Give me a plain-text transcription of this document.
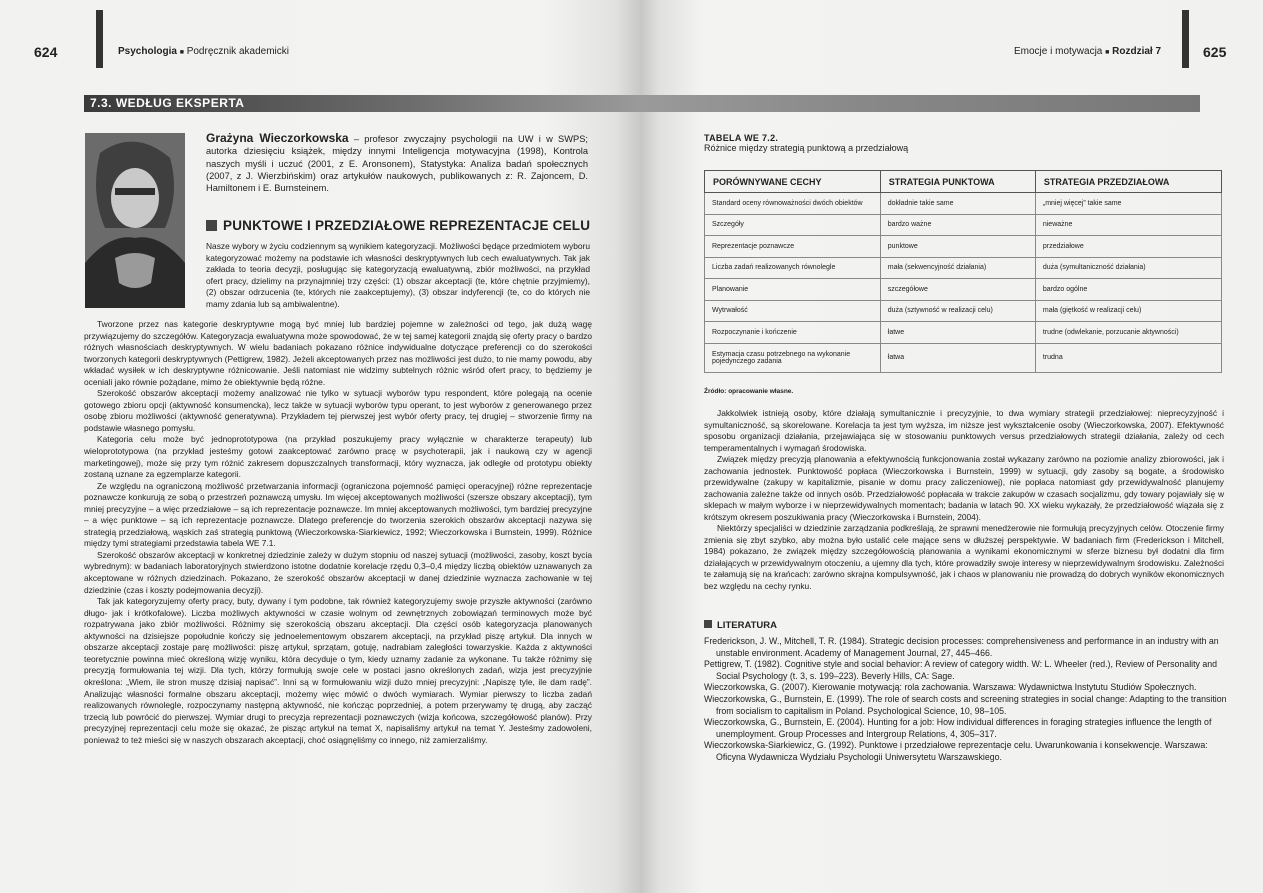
624	Psychologia ■ Podręcznik akademicki
7.3. WEDŁUG EKSPERTA
Grażyna Wieczorkowska – profesor zwyczajny psychologii na UW i w SWPS; autorka dziesięciu książek, między innymi Inteligencja motywacyjna (1998), Kontrola naszych myśli i uczuć (2001, z E. Aronsonem), Statystyka: Analiza badań społecznych (2007, z J. Wierzbińskim) oraz artykułów naukowych, publikowanych z: R. Zajoncem, D. Hamiltonem i E. Burnsteinem.
PUNKTOWE I PRZEDZIAŁOWE REPREZENTACJE CELU
Nasze wybory w życiu codziennym są wynikiem kategoryzacji. Możliwości będące przedmiotem wyboru kategoryzować możemy na podstawie ich własności deskryptywnych lub cech ewaluatywnych. Tak jak zakłada to teoria decyzji, posługując się kategoryzacją ewaluatywną, zbiór możliwości, na przykład ofert pracy, dzielimy na przynajmniej trzy części: (1) obszar akceptacji (te, które chętnie przyjmiemy), (2) obszar odrzucenia (te, których nie zaakceptujemy), (3) obszar indyferencji (te, co do których nie mamy zdania lub są ambiwalentne).

Tworzone przez nas kategorie deskryptywne mogą być mniej lub bardziej pojemne w zależności od tego, jak dużą wagę przywiązujemy do szczegółów. Kategoryzacja ewaluatywna może spowodować, że w tej samej kategorii znajdą się oferty pracy o bardzo różnych własnościach deskryptywnych. W wielu badaniach pokazano różnice indywidualne dotyczące preferencji co do szerokości tworzonych kategorii deskryptywnych (Pettigrew, 1982). Jeżeli akceptowanych przez nas możliwości jest dużo, to nie mamy powodu, aby wkładać wysiłek w ich deskryptywne różnicowanie. Jeśli natomiast nie widzimy subtelnych różnic wśród ofert pracy, to będziemy je oceniali jako równie pożądane, mimo że obiektywnie będą różne.

Szerokość obszarów akceptacji możemy analizować nie tylko w sytuacji wyborów typu respondent, które polegają na ocenie gotowego zbioru opcji (aktywność konsumencka), lecz także w sytuacji wyborów typu operant, to jest wyborów z generowanego przez osobę zbioru możliwości (aktywność generatywna). Przykładem tej pierwszej jest wybór oferty pracy, tej drugiej – stworzenie firmy na podstawie własnego pomysłu.

Kategoria celu może być jednoprototypowa (na przykład poszukujemy pracy wyłącznie w charakterze terapeuty) lub wieloprototypowa (na przykład jesteśmy gotowi zaakceptować zarówno pracę w psychoterapii, jak i naukową czy w agencji marketingowej), może się przy tym różnić zakresem dopuszczalnych transformacji, który wyznacza, jak odległe od prototypu obiekty zostaną uznane za egzemplarze kategorii.

Ze względu na ograniczoną możliwość przetwarzania informacji (ograniczona pojemność pamięci operacyjnej) różne reprezentacje poznawcze konkurują ze sobą o przestrzeń poznawczą umysłu. Im więcej akceptowanych możliwości (szersze obszary akceptacji), tym mniej precyzyjne – a więc przedziałowe – są ich reprezentacje poznawcze. Im mniej akceptowanych możliwości, tym bardziej precyzyjne – a więc punktowe – są ich reprezentacje poznawcze. Dlatego preferencje do tworzenia szerokich obszarów akceptacji nazywa się strategią przedziałową, wąskich zaś strategią punktową (Wieczorkowska-Siarkiewicz, 1992; Wieczorkowska i Burnstein, 1999). Różnice między tymi strategiami przedstawia tabela WE 7.1.

Szerokość obszarów akceptacji w konkretnej dziedzinie zależy w dużym stopniu od naszej sytuacji (możliwości, zasoby, koszt bycia wybrednym): w badaniach laboratoryjnych stwierdzono istotne dodatnie korelacje rzędu 0,3–0,4 między liczbą obiektów uznawanych za akceptowane w różnych dziedzinach. Pokazano, że szerokość obszarów akceptacji w danej dziedzinie wyznacza zachowanie w tej dziedzinie (czas i koszty podejmowania decyzji).

Tak jak kategoryzujemy oferty pracy, buty, dywany i tym podobne, tak również kategoryzujemy swoje przyszłe aktywności (zarówno długo- jak i krótkofalowe). Liczba możliwych aktywności w czasie wolnym od zewnętrznych zobowiązań terminowych może być rozpatrywana jako zbiór możliwości. Różnimy się szerokością obszaru akceptacji. Dla części osób kategoryzacja planowanych aktywności na dzisiejsze popołudnie kończy się jednoelementowym obszarem akceptacji, na przykład piszę artykuł. Dla innych w obszarze akceptacji zostaje parę możliwości: piszę artykuł, sprzątam, gotuję, nadrabiam zaległości towarzyskie. Każda z aktywności teoretycznie powinna mieć określoną wizję wyniku, która decyduje o tym, kiedy uznamy zadanie za wykonane. Tu także różnimy się precyzją formułowania tej wizji. Dla tych, którzy formułują swoje cele w postaci jasno określonych zadań, wizja jest precyzyjnie określona: „Wiem, ile stron muszę dzisiaj napisać”. Inni są w formułowaniu wizji dużo mniej precyzyjni: „Napiszę tyle, ile dam radę”. Analizując własności formalne obszaru akceptacji, możemy więc mówić o dwóch wymiarach. Wymiar pierwszy to liczba zadań realizowanych równolegle, rozpoczynamy następną aktywność, nie kończąc poprzedniej, a potem przerywamy tę drugą, aby zacząć trzecią lub powrócić do pierwszej. Wymiar drugi to precyzja reprezentacji poznawczych (wizja końcowa, szczegółowość planów). Przy precyzyjnej reprezentacji celu może się okazać, że pisząc artykuł na temat X, napisaliśmy artykuł na temat Y. Jesteśmy zadowoleni, ponieważ to też mieści się w naszych obszarach akceptacji, choć osiągnęliśmy co innego, niż zamierzaliśmy.

Emocje i motywacja ■ Rozdział 7	625
TABELA WE 7.2.
Różnice między strategią punktową a przedziałową
PORÓWNYWANE CECHY	STRATEGIA PUNKTOWA	STRATEGIA PRZEDZIAŁOWA
Standard oceny równoważności dwóch obiektów	dokładnie takie same	„mniej więcej” takie same
Szczegóły	bardzo ważne	nieważne
Reprezentacje poznawcze	punktowe	przedziałowe
Liczba zadań realizowanych równolegle	mała (sekwencyjność działania)	duża (symultaniczność działania)
Planowanie	szczegółowe	bardzo ogólne
Wytrwałość	duża (sztywność w realizacji celu)	mała (giętkość w realizacji celu)
Rozpoczynanie i kończenie	łatwe	trudne (odwlekanie, porzucanie aktywności)
Estymacja czasu potrzebnego na wykonanie pojedynczego zadania	łatwa	trudna
Źródło: opracowanie własne.

Jakkolwiek istnieją osoby, które działają symultanicznie i precyzyjnie, to dwa wymiary strategii przedziałowej: nieprecyzyjność i symultaniczność, są skorelowane. Korelacja ta jest tym wyższa, im niższe jest wykształcenie osoby (Wieczorkowska, 2007). Efektywność sposobu organizacji działania, przejawiająca się w stosowaniu punktowych versus przedziałowych strategii działania, zależy od cech temperamentalnych i wymagań środowiska.

Związek między precyzją planowania a efektywnością funkcjonowania został wykazany zarówno na poziomie analizy zbiorowości, jak i zachowania jednostek. Punktowość popłaca (Wieczorkowska i Burnstein, 1999) w sytuacji, gdy zasoby są bogate, a środowisko przewidywalne (zakupy w kapitalizmie, pisanie w domu pracy zaliczeniowej), nie popłaca natomiast gdy przewidywalność planujemy zachowania zależne także od innych osób. Przedziałowość popłacała w trakcie zakupów w czasach socjalizmu, gdy towary pojawiały się w sklepach w małym wyborze i w nieprzewidywalnych momentach; badania w latach 90. XX wieku wykazały, że przedziałowość wiązała się z krótszym okresem poszukiwania pracy (Wieczorkowska i Burnstein, 2004).

Niektórzy specjaliści w dziedzinie zarządzania podkreślają, że sprawni menedżerowie nie formułują precyzyjnych celów. Otoczenie firmy zmienia się zbyt szybko, aby można było ustalić cele mające sens w dłuższej perspektywie. W badaniach firm (Frederickson i Mitchell, 1984) pokazano, że związek między szczegółowością planowania a wynikami ekonomicznymi w sferze biznesu był dodatni dla firm działających w przewidywalnym otoczeniu, a ujemny dla tych, które prowadziły swoje interesy w nieprzewidywalnym środowisku. Zależności te załamują się na krańcach: zarówno skrajna kompulsywność, jak i chaos w planowaniu nie prowadzą do dobrych wyników ekonomicznych bez względu na cechy rynku.

LITERATURA
Frederickson, J. W., Mitchell, T. R. (1984). Strategic decision processes: comprehensiveness and performance in an industry with an unstable environment. Academy of Management Journal, 27, 445–466.
Pettigrew, T. (1982). Cognitive style and social behavior: A review of category width. W: L. Wheeler (red.), Review of Personality and Social Psychology (t. 3, s. 199–223). Beverly Hills, CA: Sage.
Wieczorkowska, G. (2007). Kierowanie motywacją: rola zachowania. Warszawa: Wydawnictwa Instytutu Studiów Społecznych.
Wieczorkowska, G., Burnstein, E. (1999). The role of search costs and screening strategies in social change: Adapting to the transition from socialism to capitalism in Poland. Psychological Science, 10, 98–105.
Wieczorkowska, G., Burnstein, E. (2004). Hunting for a job: How individual differences in foraging strategies influence the length of unemployment. Group Processes and Intergroup Relations, 4, 305–317.
Wieczorkowska-Siarkiewicz, G. (1992). Punktowe i przedziałowe reprezentacje celu. Uwarunkowania i konsekwencje. Warszawa: Oficyna Wydawnicza Wydziału Psychologii Uniwersytetu Warszawskiego.
